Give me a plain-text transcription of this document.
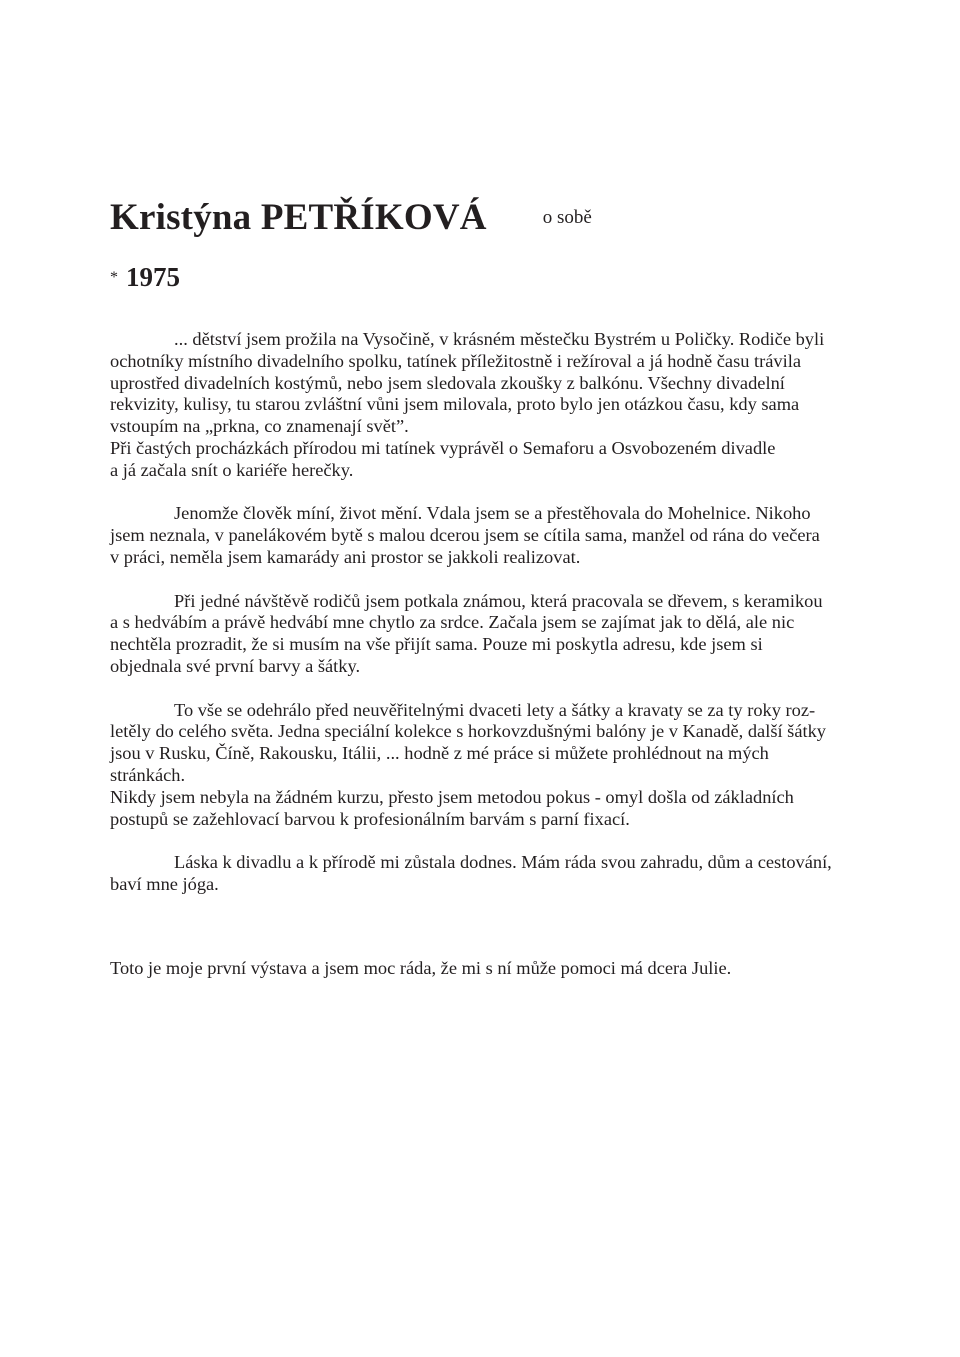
Kristýna PETŘÍKOVÁ	o sobě
* 1975

... dětství jsem prožila na Vysočině, v krásném městečku Bystrém u Poličky. Rodiče byli
ochotníky místního divadelního spolku, tatínek příležitostně i režíroval a já hodně času trávila
uprostřed divadelních kostýmů, nebo jsem sledovala zkoušky z balkónu. Všechny divadelní
rekvizity, kulisy, tu starou zvláštní vůni jsem milovala, proto bylo jen otázkou času, kdy sama
vstoupím na „prkna, co znamenají svět”.
Při častých procházkách přírodou mi tatínek vyprávěl o Semaforu a Osvobozeném divadle
a já začala snít o kariéře herečky.

Jenomže člověk míní, život mění. Vdala jsem se a přestěhovala do Mohelnice. Nikoho
jsem neznala, v panelákovém bytě s malou dcerou jsem se cítila sama, manžel od rána do večera
v práci, neměla jsem kamarády ani prostor se jakkoli realizovat.

Při jedné návštěvě rodičů jsem potkala známou, která pracovala se dřevem, s keramikou
a s hedvábím a právě hedvábí mne chytlo za srdce. Začala jsem se zajímat jak to dělá, ale nic
nechtěla prozradit, že si musím na vše přijít sama. Pouze mi poskytla adresu, kde jsem si
objednala své první barvy a šátky.

To vše se odehrálo před neuvěřitelnými dvaceti lety a šátky a kravaty se za ty roky roz-
letěly do celého světa. Jedna speciální kolekce s horkovzdušnými balóny je v Kanadě, další šátky
jsou v Rusku, Číně, Rakousku, Itálii, ... hodně z mé práce si můžete prohlédnout na mých
stránkách.
Nikdy jsem nebyla na žádném kurzu, přesto jsem metodou pokus - omyl došla od základních
postupů se zažehlovací barvou k profesionálním barvám s parní fixací.

Láska k divadlu a k přírodě mi zůstala dodnes. Mám ráda svou zahradu, dům a cestování,
baví mne jóga.

Toto je moje první výstava a jsem moc ráda, že mi s ní může pomoci má dcera Julie.
